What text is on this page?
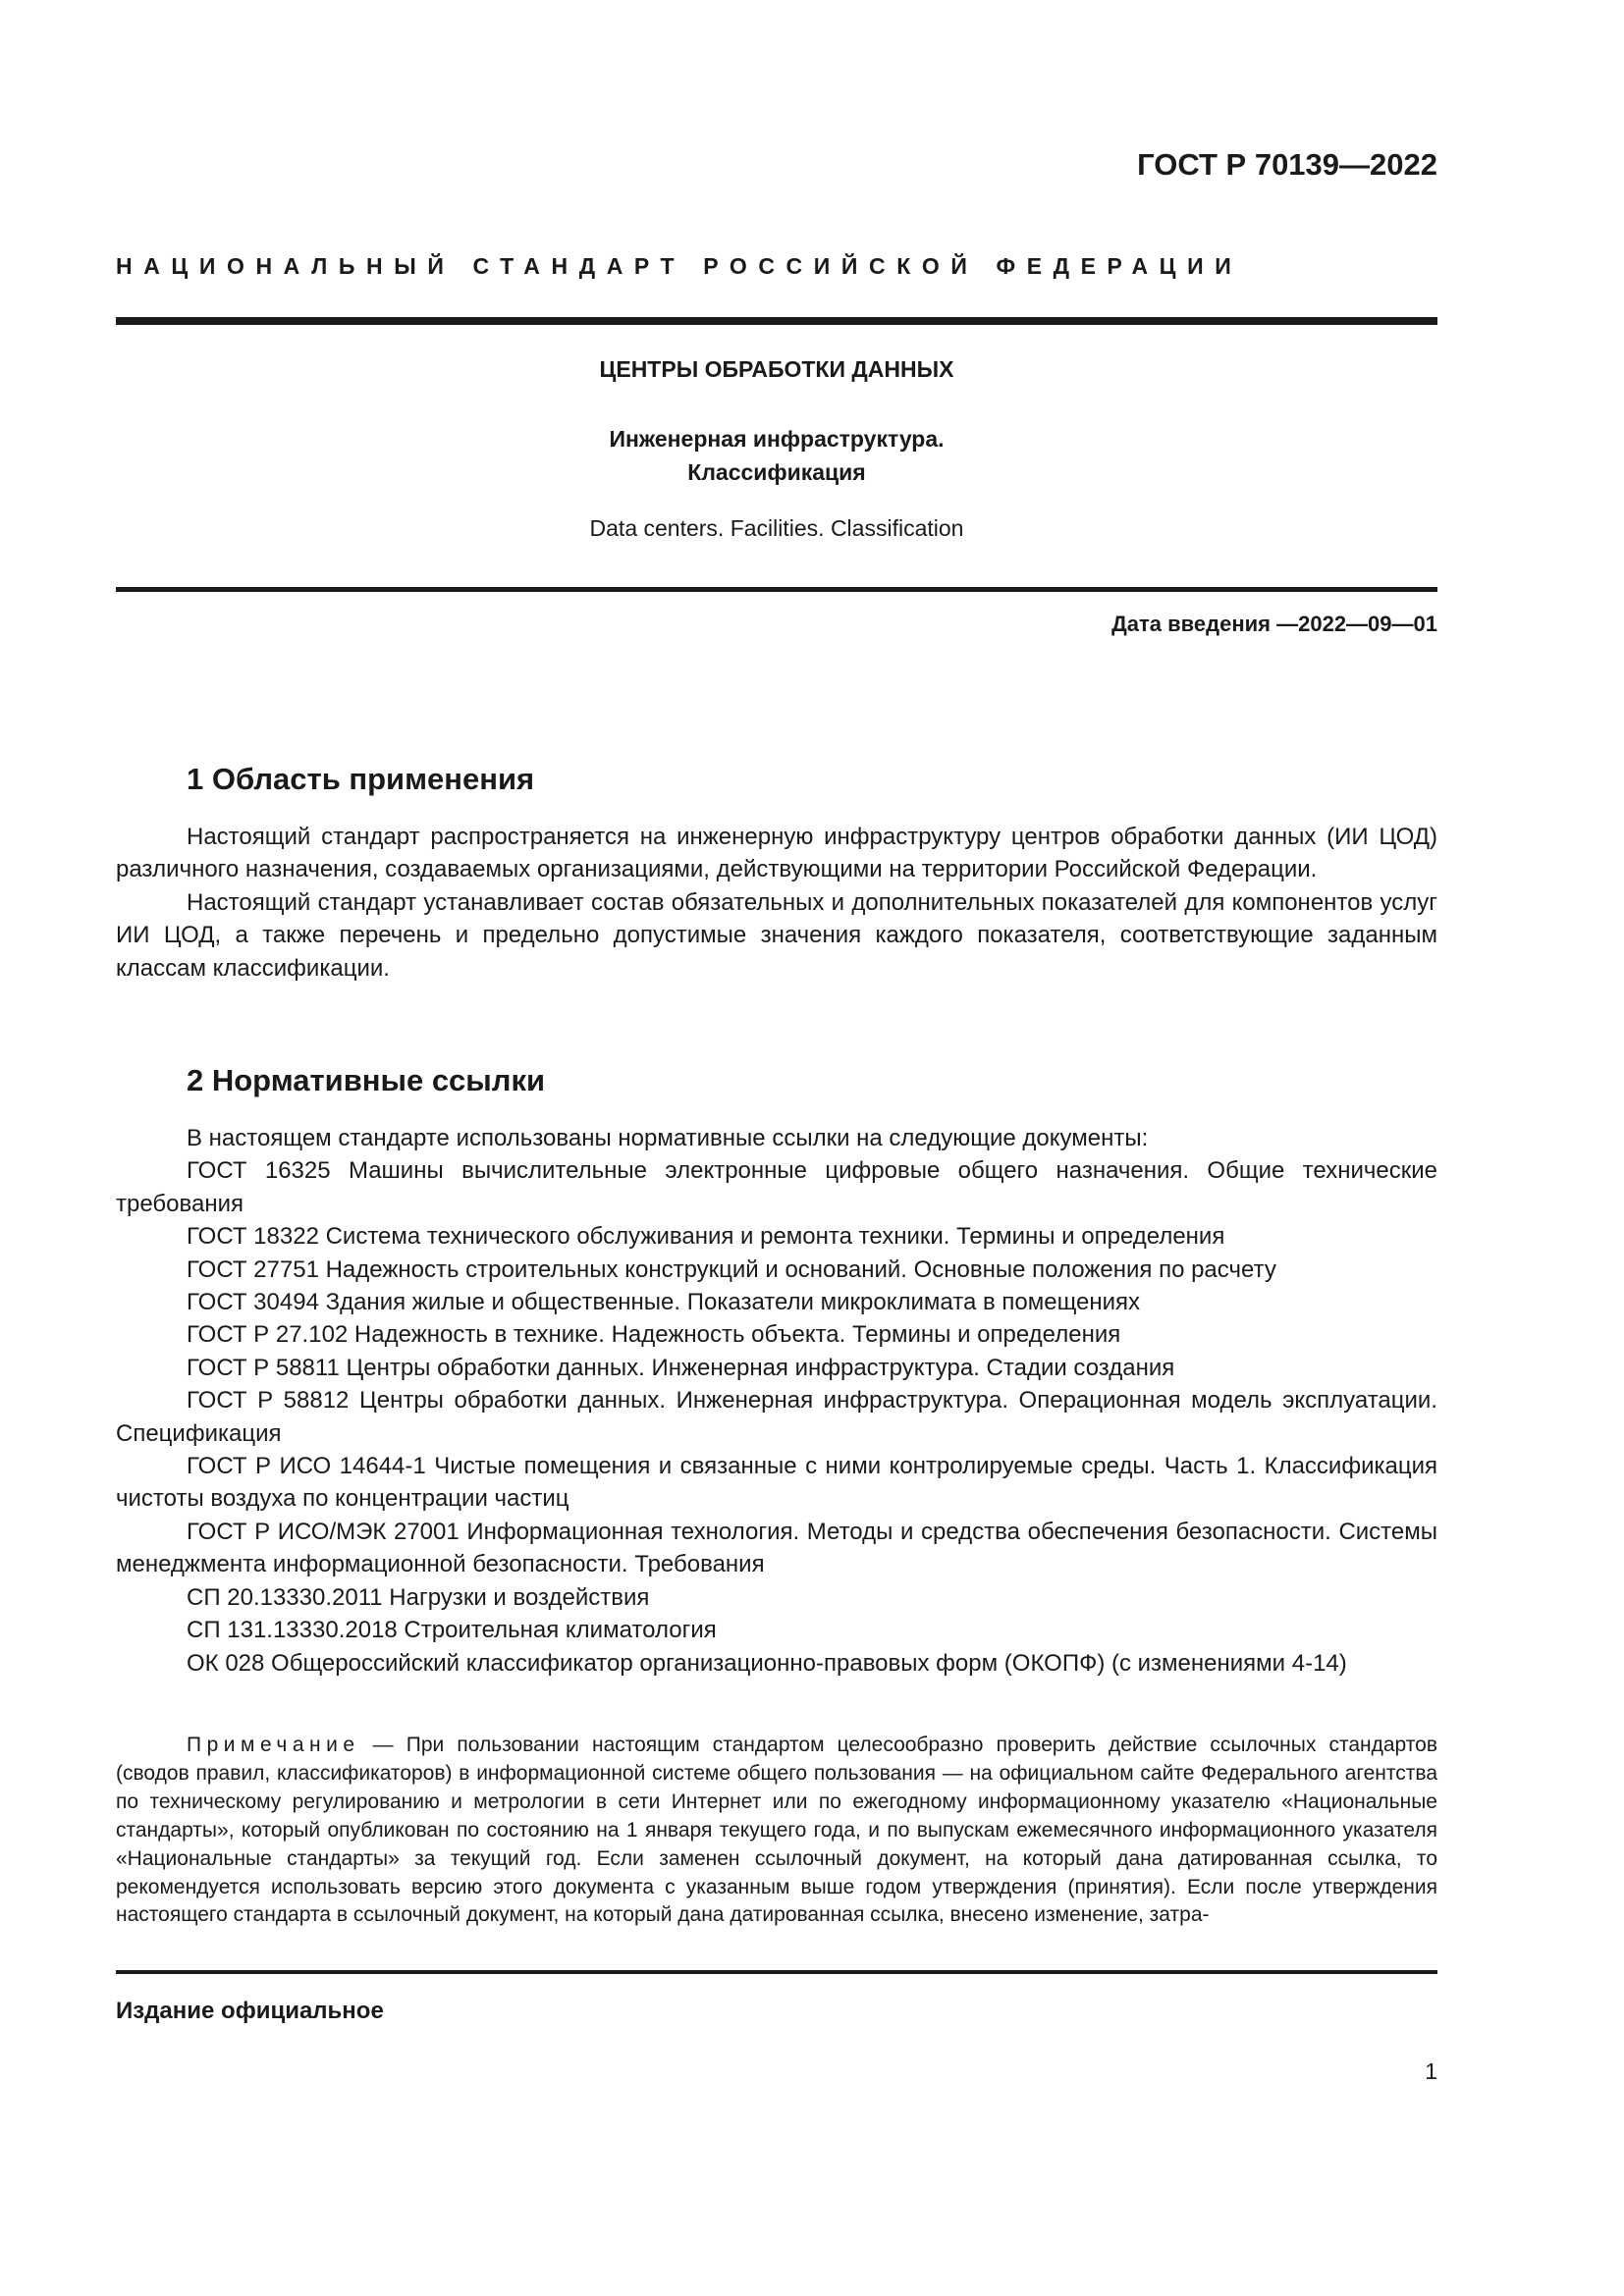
ГОСТ Р 70139—2022

НАЦИОНАЛЬНЫЙ СТАНДАРТ РОССИЙСКОЙ ФЕДЕРАЦИИ

ЦЕНТРЫ ОБРАБОТКИ ДАННЫХ

Инженерная инфраструктура.
Классификация

Data centers. Facilities. Classification

Дата введения —2022—09—01

1 Область применения

Настоящий стандарт распространяется на инженерную инфраструктуру центров обработки данных (ИИ ЦОД) различного назначения, создаваемых организациями, действующими на территории Российской Федерации.

Настоящий стандарт устанавливает состав обязательных и дополнительных показателей для компонентов услуг ИИ ЦОД, а также перечень и предельно допустимые значения каждого показателя, соответствующие заданным классам классификации.

2 Нормативные ссылки

В настоящем стандарте использованы нормативные ссылки на следующие документы:

ГОСТ 16325 Машины вычислительные электронные цифровые общего назначения. Общие технические требования

ГОСТ 18322 Система технического обслуживания и ремонта техники. Термины и определения

ГОСТ 27751 Надежность строительных конструкций и оснований. Основные положения по расчету

ГОСТ 30494 Здания жилые и общественные. Показатели микроклимата в помещениях

ГОСТ Р 27.102 Надежность в технике. Надежность объекта. Термины и определения

ГОСТ Р 58811 Центры обработки данных. Инженерная инфраструктура. Стадии создания

ГОСТ Р 58812 Центры обработки данных. Инженерная инфраструктура. Операционная модель эксплуатации. Спецификация

ГОСТ Р ИСО 14644-1 Чистые помещения и связанные с ними контролируемые среды. Часть 1. Классификация чистоты воздуха по концентрации частиц

ГОСТ Р ИСО/МЭК 27001 Информационная технология. Методы и средства обеспечения безопасности. Системы менеджмента информационной безопасности. Требования

СП 20.13330.2011 Нагрузки и воздействия

СП 131.13330.2018 Строительная климатология

ОК 028 Общероссийский классификатор организационно-правовых форм (ОКОПФ) (с изменениями 4-14)

Примечание — При пользовании настоящим стандартом целесообразно проверить действие ссылочных стандартов (сводов правил, классификаторов) в информационной системе общего пользования — на официальном сайте Федерального агентства по техническому регулированию и метрологии в сети Интернет или по ежегодному информационному указателю «Национальные стандарты», который опубликован по состоянию на 1 января текущего года, и по выпускам ежемесячного информационного указателя «Национальные стандарты» за текущий год. Если заменен ссылочный документ, на который дана датированная ссылка, то рекомендуется использовать версию этого документа с указанным выше годом утверждения (принятия). Если после утверждения настоящего стандарта в ссылочный документ, на который дана датированная ссылка, внесено изменение, затра-

Издание официальное

1
